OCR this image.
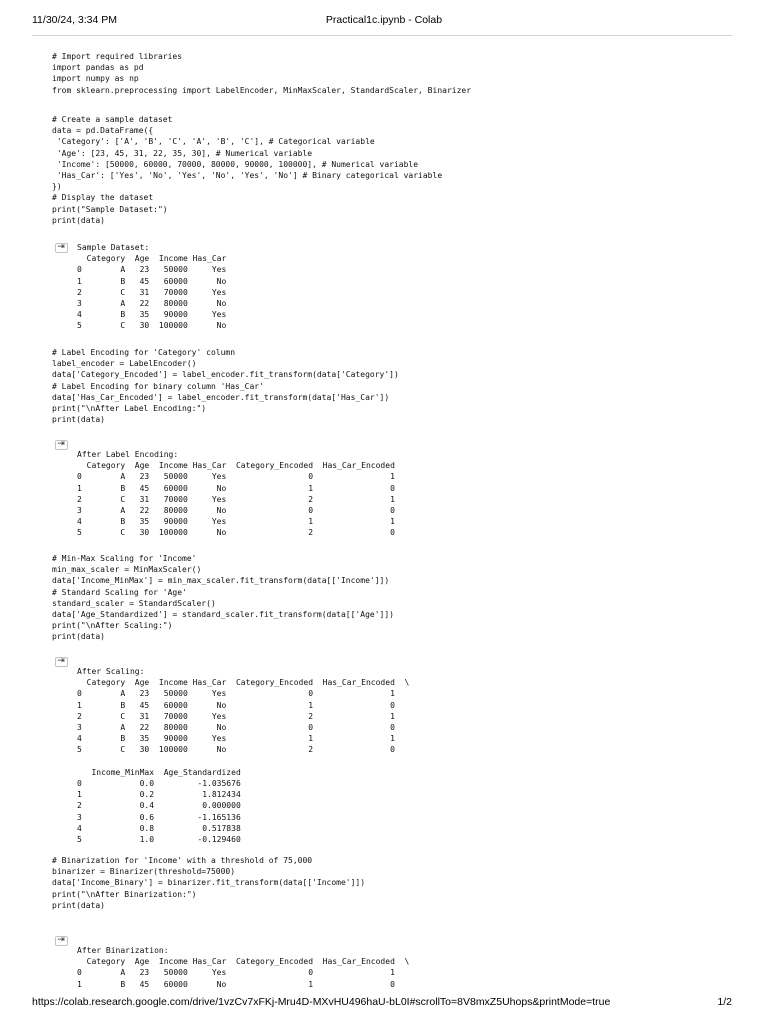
11/30/24, 3:34 PM	Practical1c.ipynb - Colab
# Import required libraries
import pandas as pd
import numpy as np
from sklearn.preprocessing import LabelEncoder, MinMaxScaler, StandardScaler, Binarizer
# Create a sample dataset
data = pd.DataFrame({
'Category': ['A', 'B', 'C', 'A', 'B', 'C'], # Categorical variable
'Age': [23, 45, 31, 22, 35, 30], # Numerical variable
'Income': [50000, 60000, 70000, 80000, 90000, 100000], # Numerical variable
'Has_Car': ['Yes', 'No', 'Yes', 'No', 'Yes', 'No'] # Binary categorical variable
})
# Display the dataset
print("Sample Dataset:")
print(data)
⇥	Sample Dataset:
Category  Age  Income Has_Car
0        A   23   50000     Yes
1        B   45   60000      No
2        C   31   70000     Yes
3        A   22   80000      No
4        B   35   90000     Yes
5        C   30  100000      No
# Label Encoding for 'Category' column
label_encoder = LabelEncoder()
data['Category_Encoded'] = label_encoder.fit_transform(data['Category'])
# Label Encoding for binary column 'Has_Car'
data['Has_Car_Encoded'] = label_encoder.fit_transform(data['Has_Car'])
print("\nAfter Label Encoding:")
print(data)
⇥
After Label Encoding:
Category  Age  Income Has_Car  Category_Encoded  Has_Car_Encoded
0        A   23   50000     Yes                 0                1
1        B   45   60000      No                 1                0
2        C   31   70000     Yes                 2                1
3        A   22   80000      No                 0                0
4        B   35   90000     Yes                 1                1
5        C   30  100000      No                 2                0
# Min-Max Scaling for 'Income'
min_max_scaler = MinMaxScaler()
data['Income_MinMax'] = min_max_scaler.fit_transform(data[['Income']])
# Standard Scaling for 'Age'
standard_scaler = StandardScaler()
data['Age_Standardized'] = standard_scaler.fit_transform(data[['Age']])
print("\nAfter Scaling:")
print(data)
⇥
After Scaling:
Category  Age  Income Has_Car  Category_Encoded  Has_Car_Encoded  \
0        A   23   50000     Yes                 0                1
1        B   45   60000      No                 1                0
2        C   31   70000     Yes                 2                1
3        A   22   80000      No                 0                0
4        B   35   90000     Yes                 1                1
5        C   30  100000      No                 2                0

Income_MinMax  Age_Standardized
0            0.0         -1.035676
1            0.2          1.812434
2            0.4          0.000000
3            0.6         -1.165136
4            0.8          0.517838
5            1.0         -0.129460
# Binarization for 'Income' with a threshold of 75,000
binarizer = Binarizer(threshold=75000)
data['Income_Binary'] = binarizer.fit_transform(data[['Income']])
print("\nAfter Binarization:")
print(data)
⇥
After Binarization:
Category  Age  Income Has_Car  Category_Encoded  Has_Car_Encoded  \
0        A   23   50000     Yes                 0                1
1        B   45   60000      No                 1                0
https://colab.research.google.com/drive/1vzCv7xFKj-Mru4D-MXvHU496haU-bL0I#scrollTo=8V8mxZ5Uhops&printMode=true	1/2
